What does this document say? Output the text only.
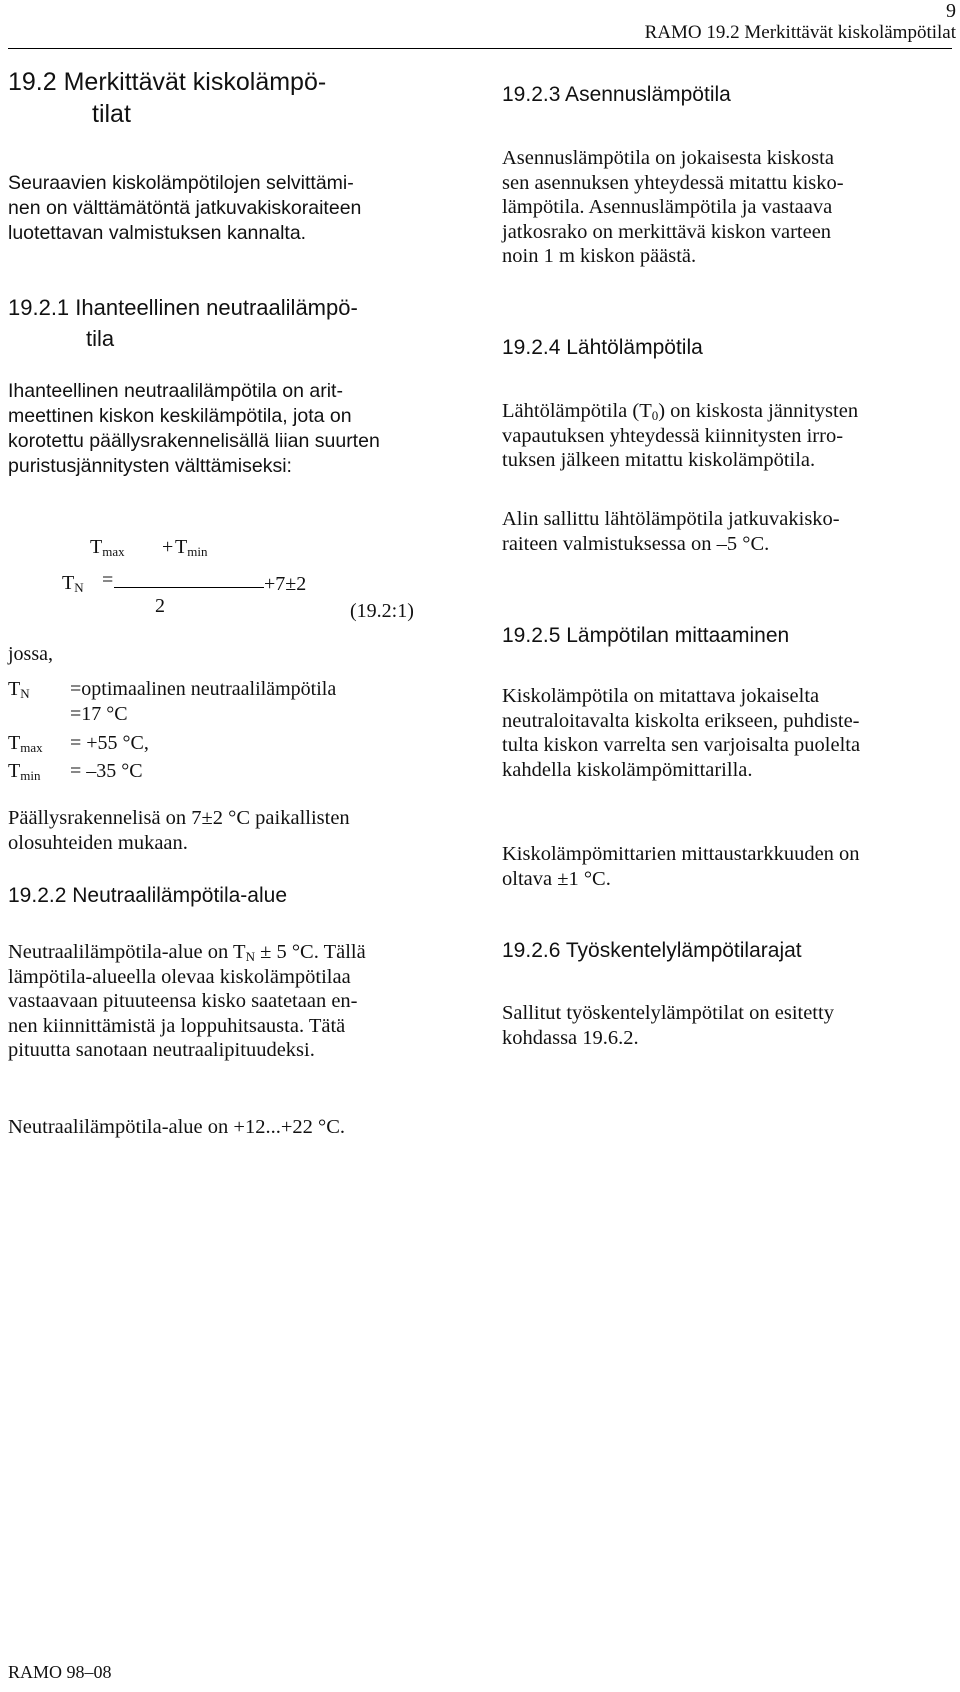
9
RAMO 19.2 Merkittävät kiskolämpötilat
19.2 Merkittävät kiskolämpö-
tilat
Seuraavien kiskolämpötilojen selvittämi-
nen on välttämätöntä jatkuvakiskoraiteen
luotettavan valmistuksen kannalta.
19.2.1 Ihanteellinen neutraalilämpö-
tila
Ihanteellinen neutraalilämpötila on arit-
meettinen kiskon keskilämpötila, jota on
korotettu päällysrakennelisällä liian suurten
puristusjännitysten välttämiseksi:
$T_{max} + T_{min}$
$T_N$ =	+7±2
2	(19.2:1)
jossa,
$T_N$ =optimaalinen neutraalilämpötila
=17 °C
$T_{max} = +55$ °C,
$T_{min} = -35$ °C
Päällysrakennelisä on 7±2 °C paikallisten
olosuhteiden mukaan.
19.2.2 Neutraalilämpötila-alue
Neutraalilämpötila-alue on $T_N \pm 5$ °C. Tällä
lämpötila-alueella olevaa kiskolämpötilaa
vastaavaan pituuteensa kisko saatetaan en-
nen kiinnittämistä ja loppuhitsausta. Tätä
pituutta sanotaan neutraalipituudeksi.
Neutraalilämpötila-alue on +12...+22 °C.
19.2.3 Asennuslämpötila
Asennuslämpötila on jokaisesta kiskosta
sen asennuksen yhteydessä mitattu kisko-
lämpötila. Asennuslämpötila ja vastaava
jatkosrako on merkittävä kiskon varteen
noin 1 m kiskon päästä.
19.2.4 Lähtölämpötila
Lähtölämpötila $(T_0)$ on kiskosta jännitysten
vapautuksen yhteydessä kiinnitysten irro-
tuksen jälkeen mitattu kiskolämpötila.
Alin sallittu lähtölämpötila jatkuvakisko-
raiteen valmistuksessa on –5 °C.
19.2.5 Lämpötilan mittaaminen
Kiskolämpötila on mitattava jokaiselta
neutraloitavalta kiskolta erikseen, puhdiste-
tulta kiskon varrelta sen varjoisalta puolelta
kahdella kiskolämpömittarilla.
Kiskolämpömittarien mittaustarkkuuden on
oltava ±1 °C.
19.2.6 Työskentelylämpötilarajat
Sallitut työskentelylämpötilat on esitetty
kohdassa 19.6.2.
RAMO 98–08
